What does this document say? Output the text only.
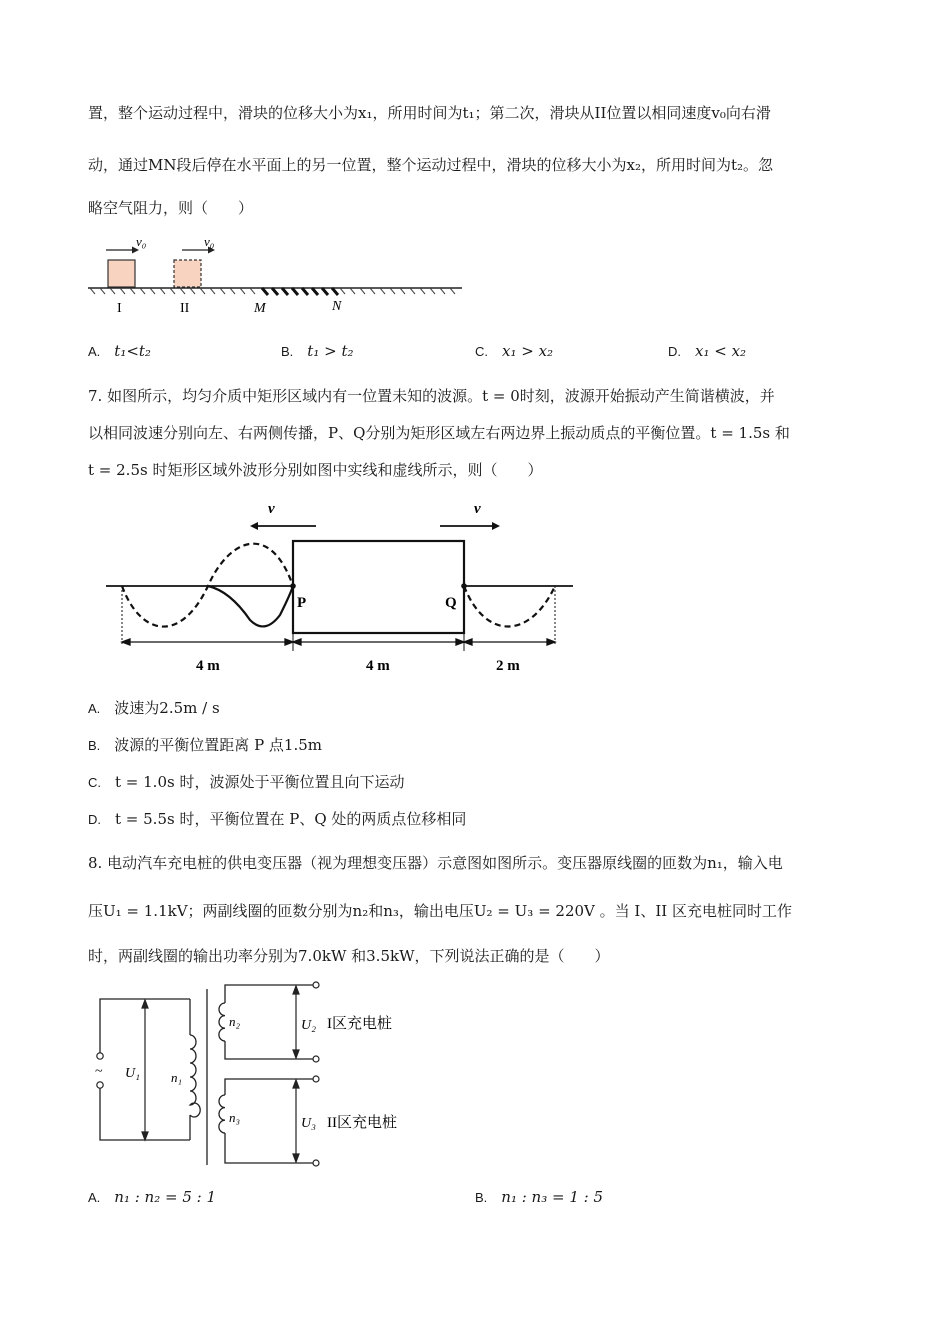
置，整个运动过程中，滑块的位移大小为x₁，所用时间为t₁；第二次，滑块从II位置以相同速度v₀向右滑
动，通过MN段后停在水平面上的另一位置，整个运动过程中，滑块的位移大小为x₂，所用时间为t₂。忽
略空气阻力，则（　　）
v₀	v₀
I	II	M	N
A. t₁<t₂	B. t₁ > t₂	C. x₁ > x₂	D. x₁ < x₂
7. 如图所示，均匀介质中矩形区域内有一位置未知的波源。t = 0时刻，波源开始振动产生简谐横波，并
以相同波速分别向左、右两侧传播，P、Q分别为矩形区域左右两边界上振动质点的平衡位置。t = 1.5s 和
t = 2.5s 时矩形区域外波形分别如图中实线和虚线所示，则（　　）
v	v
P	Q
4 m	4 m	2 m
A. 波速为2.5m / s
B. 波源的平衡位置距离 P 点1.5m
C. t = 1.0s 时，波源处于平衡位置且向下运动
D. t = 5.5s 时，平衡位置在 P、Q 处的两质点位移相同
8. 电动汽车充电桩的供电变压器（视为理想变压器）示意图如图所示。变压器原线圈的匝数为n₁，输入电
压U₁ = 1.1kV；两副线圈的匝数分别为n₂和n₃，输出电压U₂ = U₃ = 220V 。当 I、II 区充电桩同时工作
时，两副线圈的输出功率分别为7.0kW 和3.5kW，下列说法正确的是（　　）
~ U₁ n₁
n₂	U₂
n₃	U₃
I区充电桩
II区充电桩
A. n₁ : n₂ = 5 : 1	B. n₁ : n₃ = 1 : 5
